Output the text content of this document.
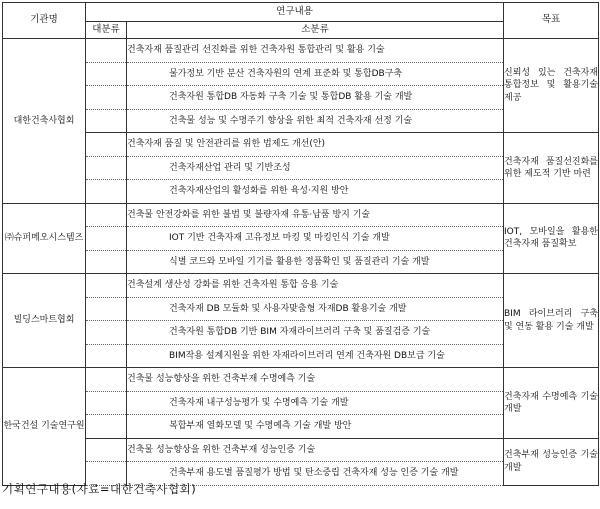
기관명	연구내용		목표
	대분류	소분류	
대한건축사협회		건축자재 품질관리 선진화를 위한 건축자원 통합관리 및 활용 기술	신뢰성 있는 건축자재 통합정보 및 활용기술 제공
		물가정보 기반 분산 건축자원의 연계 표준화 및 통합DB구축	
		건축자원 통합DB 자동화 구축 기술 및 통합DB 활용 기술 개발	
		건축물 성능 및 수명주기 향상을 위한 최적 건축자재 선정 기술	
		건축자재 품질 및 안전관리를 위한 법제도 개선(안)	건축자재 품질선진화를 위한 제도적 기반 마련
		건축자재산업 관리 및 기반조성	
		건축자재산업의 활성화를 위한 육성·지원 방안	
㈜슈퍼메오시스템즈		건축물 안전강화를 위한 불법 및 불량자재 유통·납품 방지 기술	IOT, 모바일을 활용한 건축자재 품질확보
		IOT 기반 건축자재 고유정보 마킹 및 마킹인식 기술 개발	
		식별 코드와 모바일 기기를 활용한 정품확인 및 품질관리 기술 개발	
빌딩스마트협회		건축설계 생산성 강화를 위한 건축자원 통합 응용 기술	BIM 라이브러리 구축 및 연동 활용 기술 개발
		건축자재 DB 모듈화 및 사용자맞춤형 자재DB 활용기술 개발	
		건축자원 통합DB 기반 BIM 자재라이브러리 구축 및 품질검증 기술	
		BIM작용 설계지원을 위한 자재라이브러리 연계 건축자원 DB보급 기술	
한국건설 기술연구원		건축물 성능향상을 위한 건축부재 수명예측 기술	건축자재 수명예측 기술개발
		건축자재 내구성능평가 및 수명예측 기술 개발	
		복합부재 열화모델 및 수명예측 기술 개발 방안	
		건축물 성능향상을 위한 건축부재 성능인증 기술	건축부재 성능인증 기술개발
		건축부재 용도별 품질평가 방법 및 탄소중립 건축자재 성능 인증 기술 개발	
기획연구내용(자료=대한건축사협회)
